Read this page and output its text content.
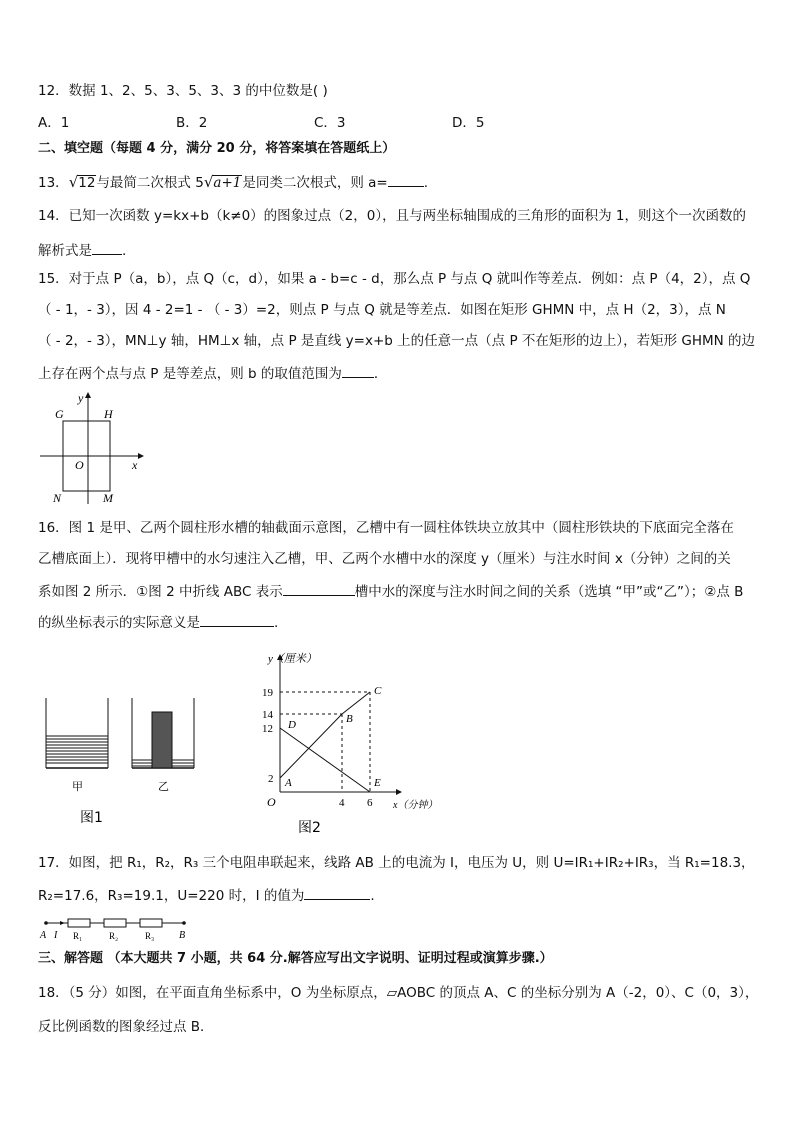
12．数据 1、2、5、3、5、3、3 的中位数是( )
A．1	B．2	C．3	D．5
二、填空题（每题 4 分，满分 20 分，将答案填在答题纸上）
13．√12与最简二次根式 5√a+1是同类二次根式，则 a=	.
14．已知一次函数 y=kx+b（k≠0）的图象过点（2，0），且与两坐标轴围成的三角形的面积为 1，则这个一次函数的
解析式是 .
15．对于点 P（a，b），点 Q（c，d），如果 a - b=c - d，那么点 P 与点 Q 就叫作等差点．例如：点 P（4，2），点 Q
（ - 1，- 3），因 4 - 2=1 - （ - 3）=2，则点 P 与点 Q 就是等差点．如图在矩形 GHMN 中，点 H（2，3），点 N
（ - 2，- 3），MN⊥y 轴，HM⊥x 轴，点 P 是直线 y=x+b 上的任意一点（点 P 不在矩形的边上），若矩形 GHMN 的边
上存在两个点与点 P 是等差点，则 b 的取值范围为 ．
y
x
O
G	H
N	M
16．图 1 是甲、乙两个圆柱形水槽的轴截面示意图，乙槽中有一圆柱体铁块立放其中（圆柱形铁块的下底面完全落在
乙槽底面上）．现将甲槽中的水匀速注入乙槽，甲、乙两个水槽中水的深度 y（厘米）与注水时间 x（分钟）之间的关
系如图 2 所示．①图 2 中折线 ABC 表示	槽中水的深度与注水时间之间的关系（选填 “甲”或“乙”）；②点 B
的纵坐标表示的实际意义是	.
甲	乙
图1
y（厘米）
x（分钟）
O
19
14
12
2
4 6
A
B
C
D
E
图2
17．如图，把 R₁，R₂，R₃ 三个电阻串联起来，线路 AB 上的电流为 I，电压为 U，则 U=IR₁+IR₂+IR₃，当 R₁=18.3，
R₂=17.6，R₃=19.1，U=220 时，I 的值为	.
A I R₁	R₂	R₃ B
三、解答题 （本大题共 7 小题，共 64 分.解答应写出文字说明、证明过程或演算步骤.）
18．（5 分）如图，在平面直角坐标系中，O 为坐标原点，▱AOBC 的顶点 A、C 的坐标分别为 A（-2，0）、C（0，3），
反比例函数的图象经过点 B．
